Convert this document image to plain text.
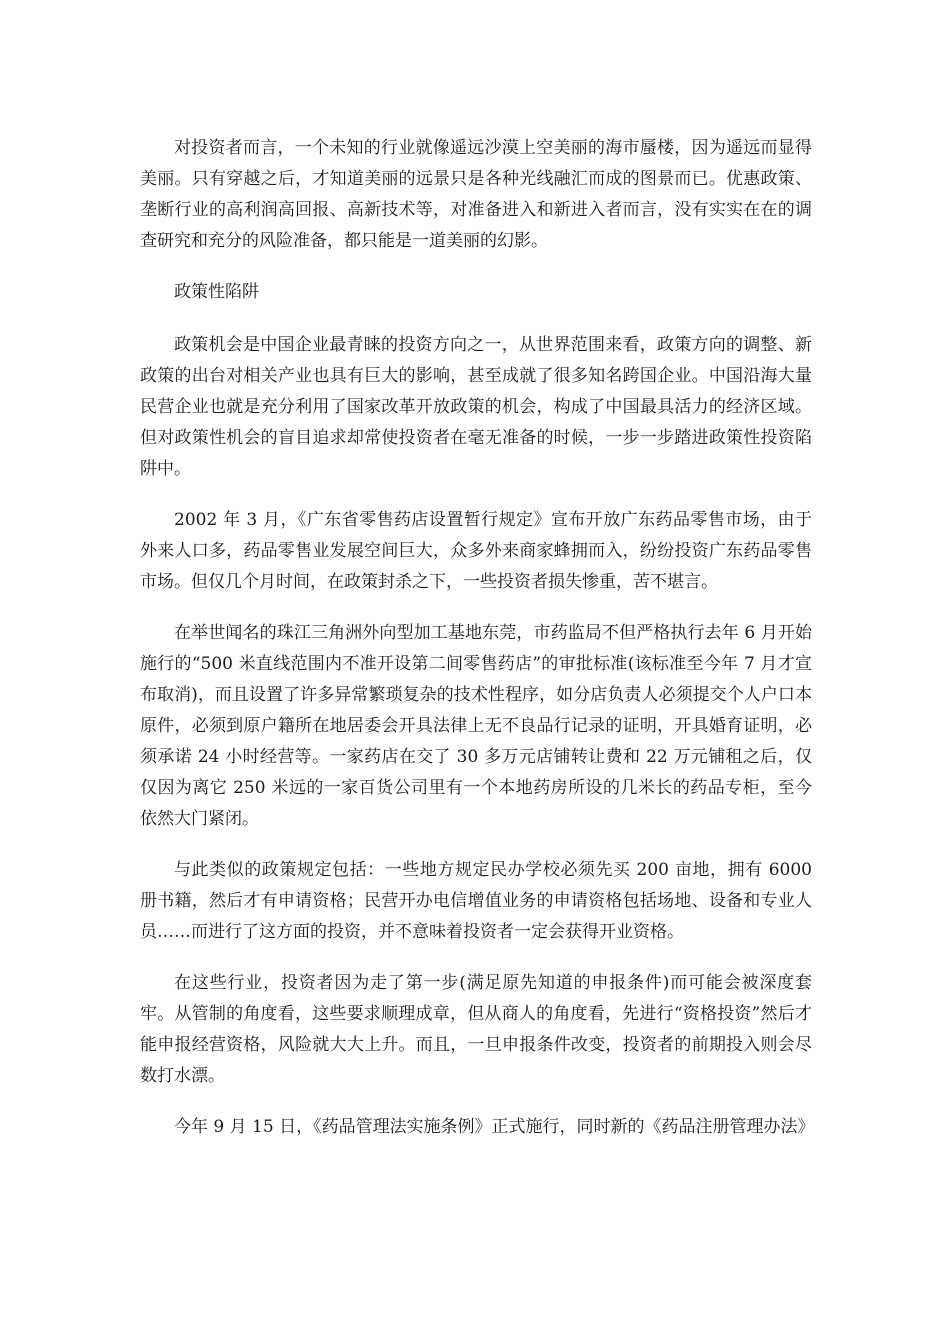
对投资者而言，一个未知的行业就像遥远沙漠上空美丽的海市蜃楼，因为遥远而显得美丽。只有穿越之后，才知道美丽的远景只是各种光线融汇而成的图景而已。优惠政策、垄断行业的高利润高回报、高新技术等，对准备进入和新进入者而言，没有实实在在的调查研究和充分的风险准备，都只能是一道美丽的幻影。

政策性陷阱

政策机会是中国企业最青睐的投资方向之一，从世界范围来看，政策方向的调整、新政策的出台对相关产业也具有巨大的影响，甚至成就了很多知名跨国企业。中国沿海大量民营企业也就是充分利用了国家改革开放政策的机会，构成了中国最具活力的经济区域。但对政策性机会的盲目追求却常使投资者在毫无准备的时候，一步一步踏进政策性投资陷阱中。

2002 年 3 月，《广东省零售药店设置暂行规定》宣布开放广东药品零售市场，由于外来人口多，药品零售业发展空间巨大，众多外来商家蜂拥而入，纷纷投资广东药品零售市场。但仅几个月时间，在政策封杀之下，一些投资者损失惨重，苦不堪言。

在举世闻名的珠江三角洲外向型加工基地东莞，市药监局不但严格执行去年 6 月开始施行的“500 米直线范围内不准开设第二间零售药店”的审批标准(该标准至今年 7 月才宣布取消)，而且设置了许多异常繁琐复杂的技术性程序，如分店负责人必须提交个人户口本原件，必须到原户籍所在地居委会开具法律上无不良品行记录的证明，开具婚育证明，必须承诺 24 小时经营等。一家药店在交了 30 多万元店铺转让费和 22 万元铺租之后，仅仅因为离它 250 米远的一家百货公司里有一个本地药房所设的几米长的药品专柜，至今依然大门紧闭。

与此类似的政策规定包括：一些地方规定民办学校必须先买 200 亩地，拥有 6000 册书籍，然后才有申请资格；民营开办电信增值业务的申请资格包括场地、设备和专业人员……而进行了这方面的投资，并不意味着投资者一定会获得开业资格。

在这些行业，投资者因为走了第一步(满足原先知道的申报条件)而可能会被深度套牢。从管制的角度看，这些要求顺理成章，但从商人的角度看，先进行“资格投资”然后才能申报经营资格，风险就大大上升。而且，一旦申报条件改变，投资者的前期投入则会尽数打水漂。

今年 9 月 15 日，《药品管理法实施条例》正式施行，同时新的《药品注册管理办法》
